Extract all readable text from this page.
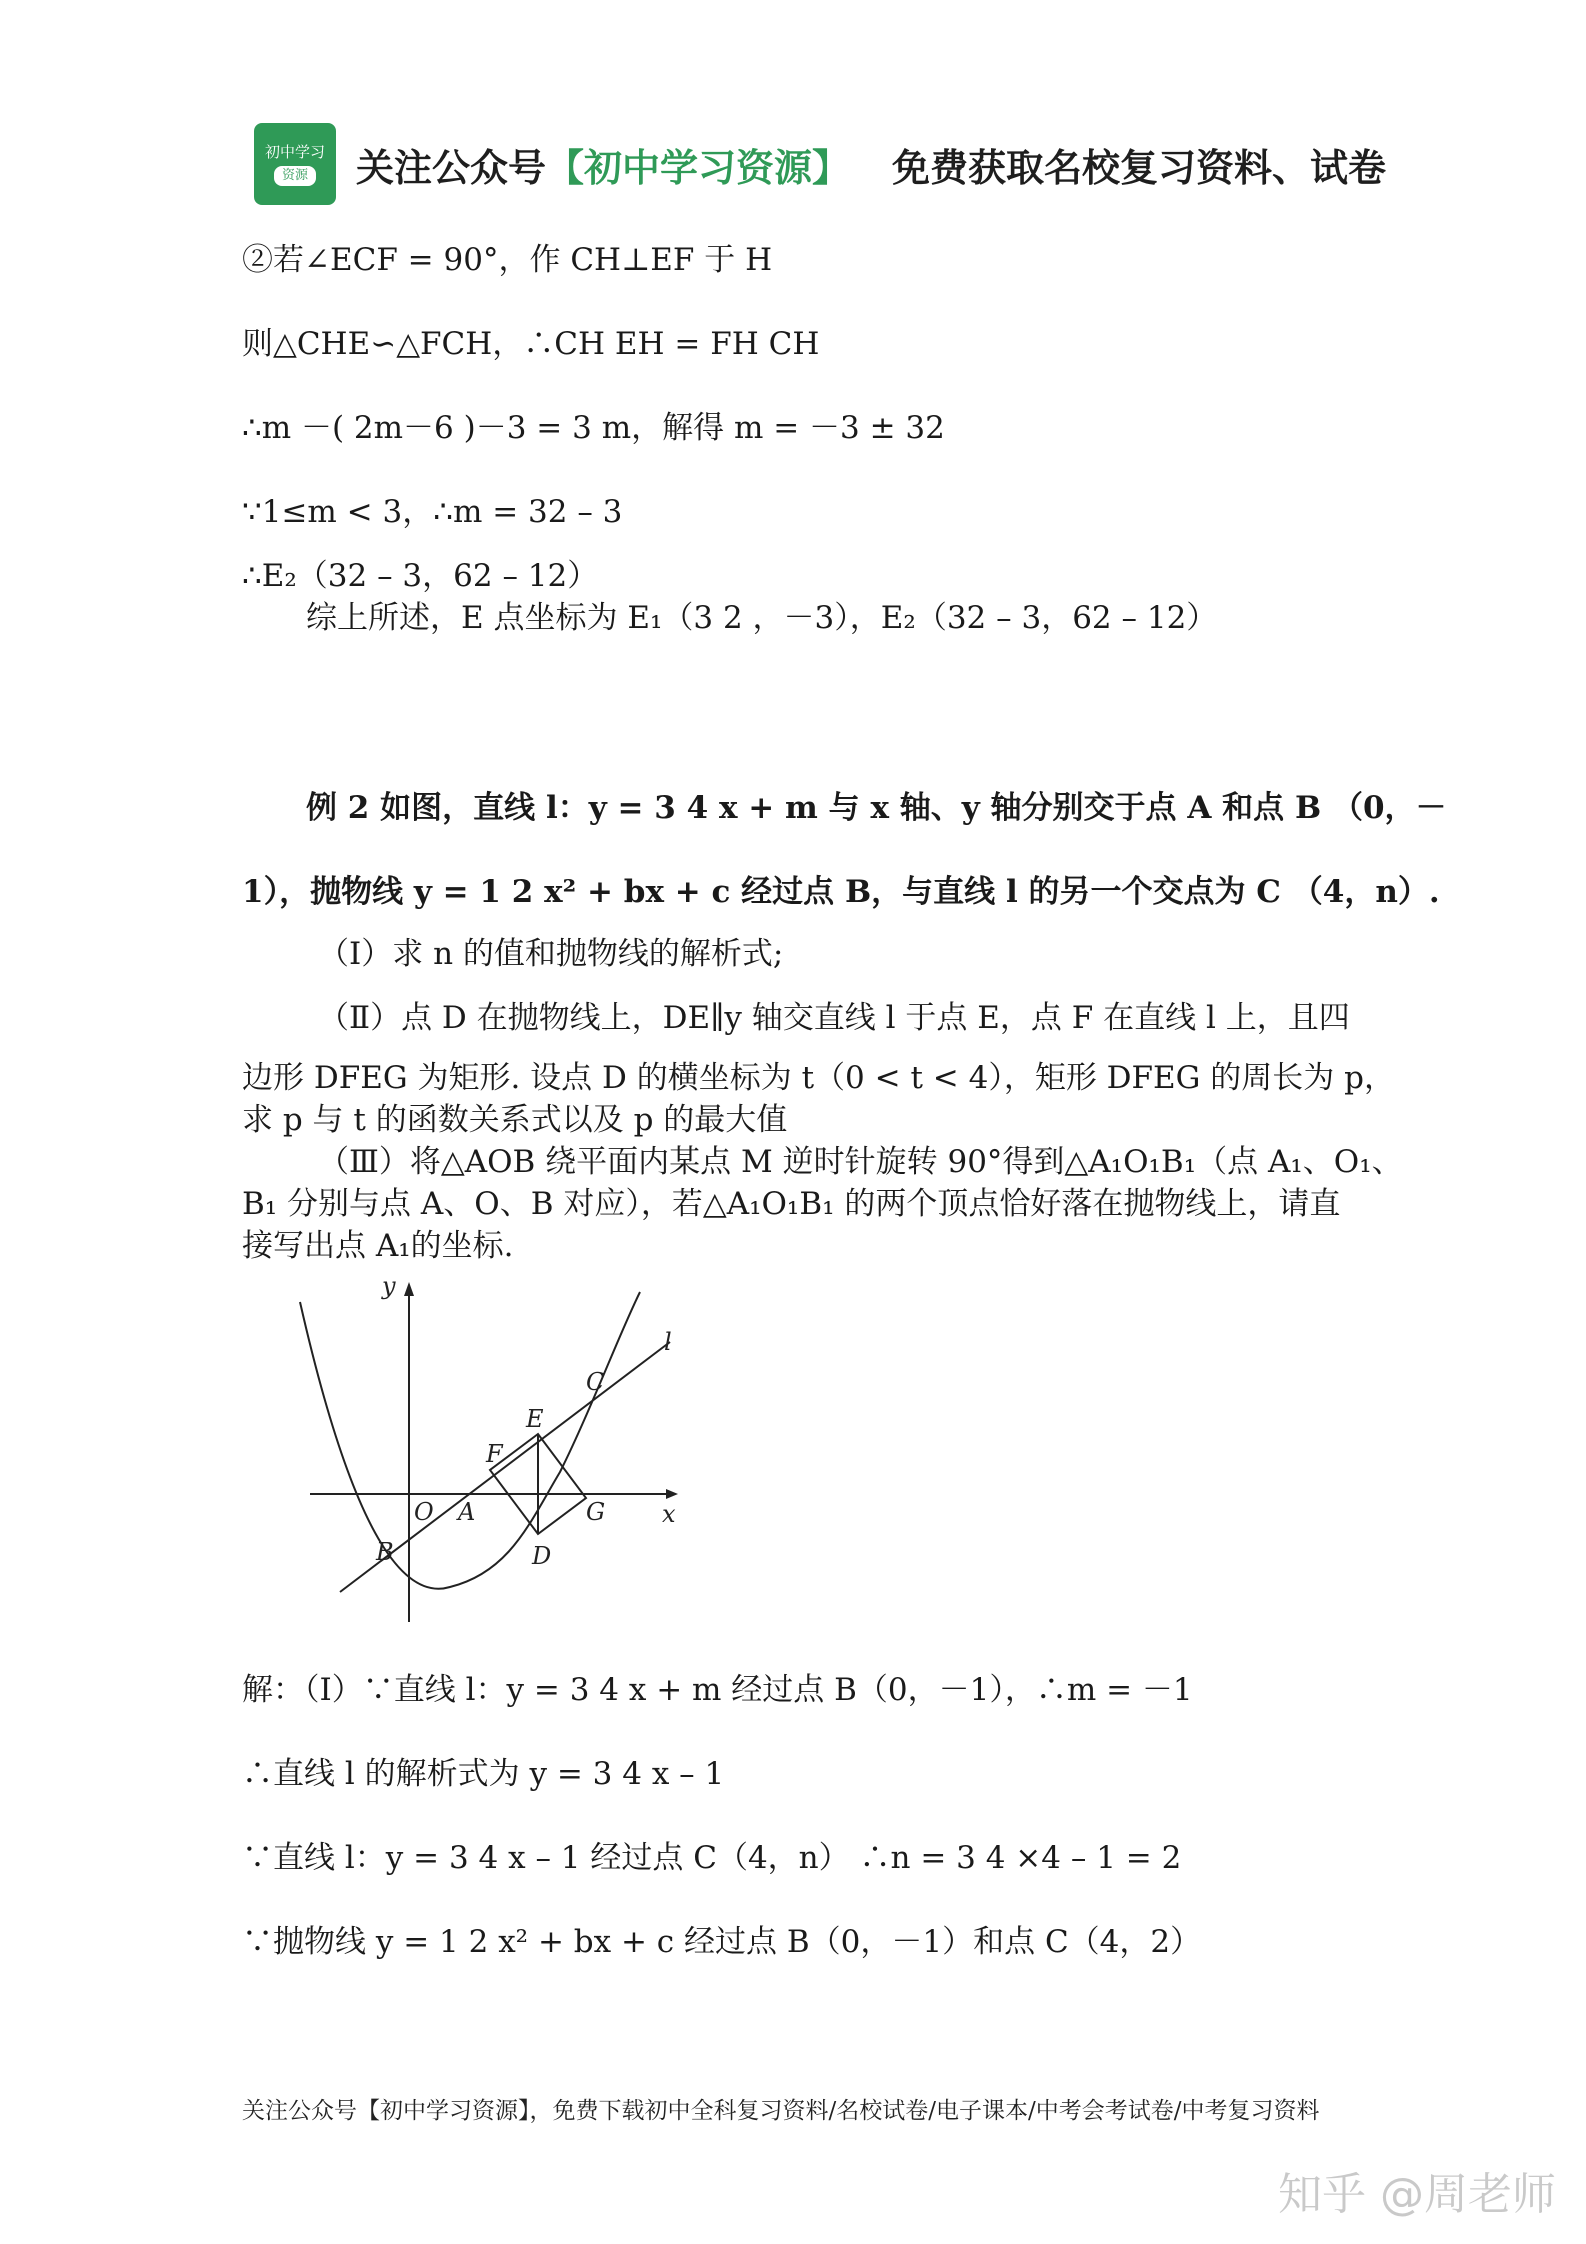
初中学习
资源 关注公众号【初中学习资源】 免费获取名校复习资料、试卷
②若∠ECF = 90°，作 CH⊥EF 于 H
则△CHE∽△FCH，∴CH EH = FH CH
∴m －( 2m－6 )－3 = 3 m，解得 m = －3 ± 32
∵1≤m < 3，∴m = 32 – 3
∴E₂（32 – 3，62 – 12）
综上所述，E 点坐标为 E₁（3 2 ，－3），E₂（32 – 3，62 – 12）
例 2 如图，直线 l：y = 3 4 x + m 与 x 轴、y 轴分别交于点 A 和点 B （0，－
1），抛物线 y = 1 2 x² + bx + c 经过点 B，与直线 l 的另一个交点为 C （4，n）.
（Ⅰ）求 n 的值和抛物线的解析式;
（Ⅱ）点 D 在抛物线上，DE∥y 轴交直线 l 于点 E，点 F 在直线 l 上，且四
边形 DFEG 为矩形. 设点 D 的横坐标为 t（0 < t < 4），矩形 DFEG 的周长为 p，
求 p 与 t 的函数关系式以及 p 的最大值
（Ⅲ）将△AOB 绕平面内某点 M 逆时针旋转 90°得到△A₁O₁B₁（点 A₁、O₁、
B₁ 分别与点 A、O、B 对应），若△A₁O₁B₁ 的两个顶点恰好落在抛物线上，请直
接写出点 A₁的坐标.
y
x
l
C
E
F
O A	G
B	D
解：（Ⅰ）∵直线 l：y = 3 4 x + m 经过点 B（0，－1），∴m = －1
∴直线 l 的解析式为 y = 3 4 x – 1
∵直线 l：y = 3 4 x – 1 经过点 C（4，n） ∴n = 3 4 ×4 – 1 = 2
∵抛物线 y = 1 2 x² + bx + c 经过点 B（0，－1）和点 C（4，2）
关注公众号【初中学习资源】，免费下载初中全科复习资料/名校试卷/电子课本/中考会考试卷/中考复习资料
知乎 @周老师
